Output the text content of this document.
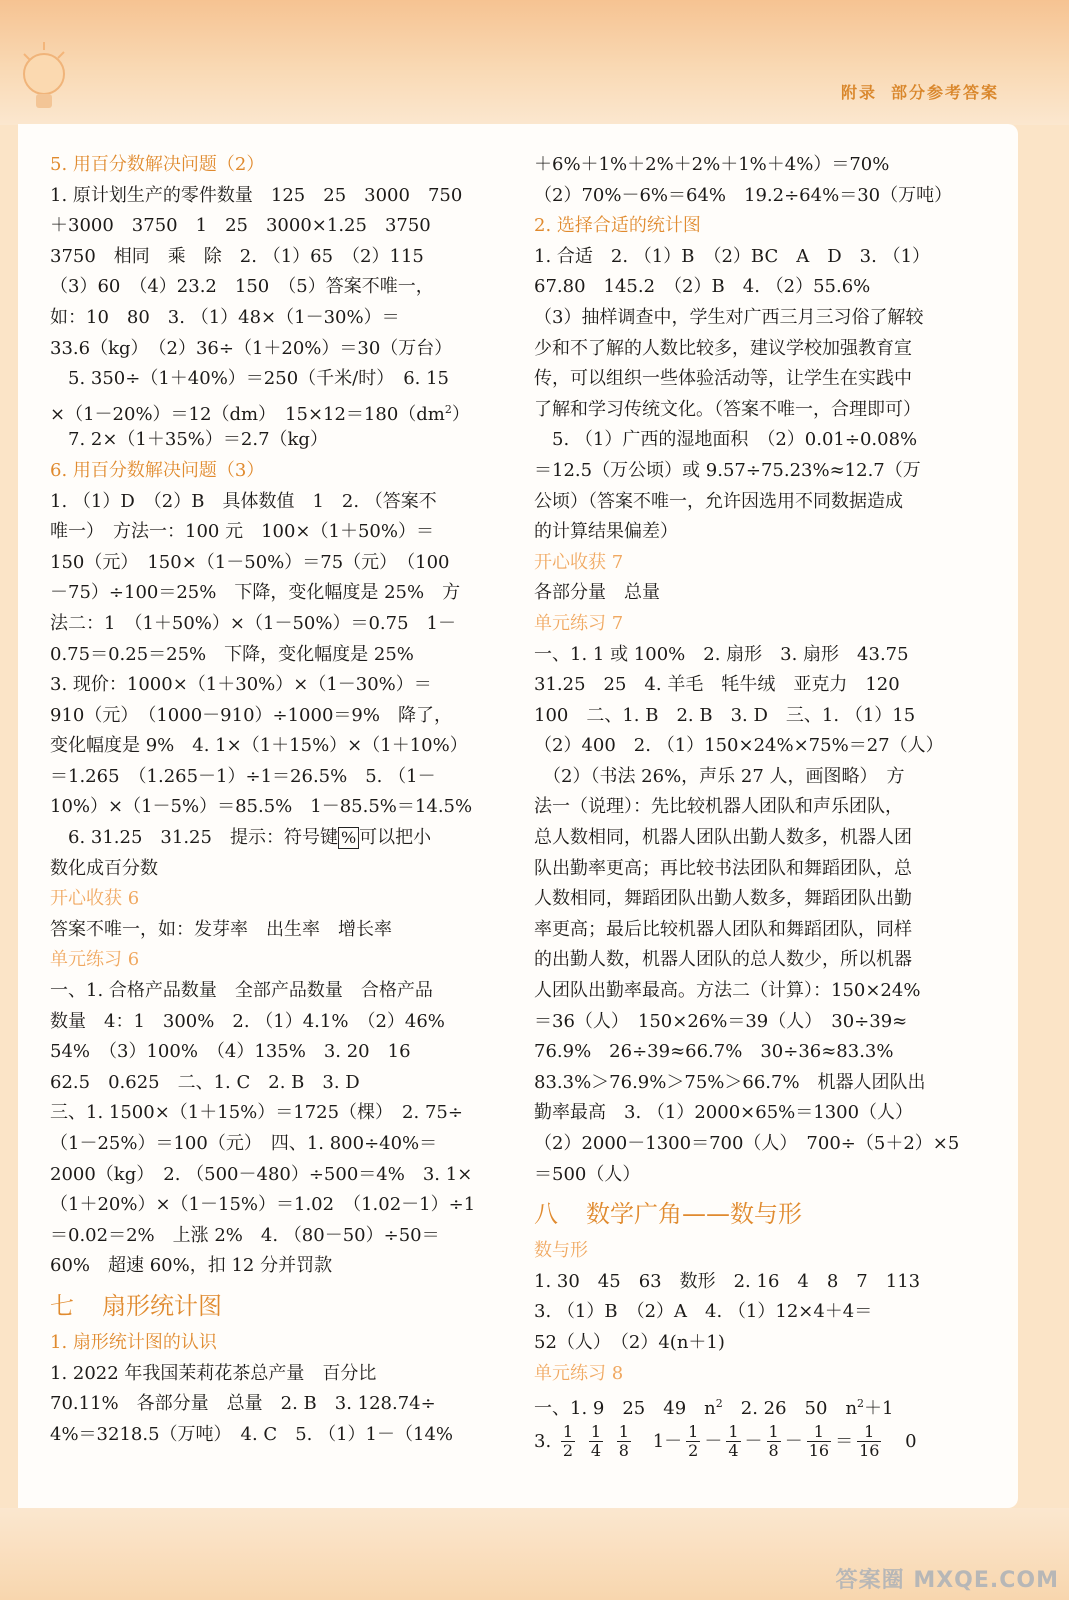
附录 部分参考答案
答案圈 MXQE.COM
5. 用百分数解决问题（2）
1. 原计划生产的零件数量　125　25　3000　750
＋3000　3750　1　25　3000×1.25　3750
3750　相同　乘　除　2. （1）65　（2）115
（3）60　（4）23.2　150　（5）答案不唯一，
如：10　80　3. （1）48×（1－30%）＝
33.6（kg）　（2）36÷（1＋20%）＝30（万台）
　5. 350÷（1＋40%）＝250（千米/时）　6. 15
×（1－20%）＝12（dm）　$15\times 12=180(dm^2)$
　7. 2×（1＋35%）＝2.7（kg）
6. 用百分数解决问题（3）
1. （1）D　（2）B　具体数值　1　2. （答案不
唯一）　方法一：100 元　100×（1＋50%）＝
150（元）　150×（1－50%）＝75（元）　（100
－75）÷100＝25%　下降，变化幅度是 25%　方
法二：1　（1＋50%）×（1－50%）＝0.75　1－
0.75＝0.25＝25%　下降，变化幅度是 25%
3. 现价：1000×（1＋30%）×（1－30%）＝
910（元）　（1000－910）÷1000＝9%　降了，
变化幅度是 9%　4. 1×（1＋15%）×（1＋10%）
＝1.265　（1.265－1）÷1＝26.5%　5. （1－
10%）×（1－5%）＝85.5%　1－85.5%＝14.5%
　6. 31.25　31.25　提示：符号键 % 可以把小
数化成百分数
开心收获 6
答案不唯一，如：发芽率　出生率　增长率
单元练习 6
一、1. 合格产品数量　全部产品数量　合格产品
数量　4：1　300%　2. （1）4.1%　（2）46%
54%　（3）100%　（4）135%　3. 20　16
62.5　0.625　二、1. C　2. B　3. D
三、1. 1500×（1＋15%）＝1725（棵）　2. 75÷
（1－25%）＝100（元）　四、1. 800÷40%＝
2000（kg）　2. （500－480）÷500＝4%　3. 1×
（1＋20%）×（1－15%）＝1.02　（1.02－1）÷1
＝0.02＝2%　上涨 2%　4. （80－50）÷50＝
60%　超速 60%，扣 12 分并罚款
七 扇形统计图
1. 扇形统计图的认识
1. 2022 年我国茉莉花茶总产量　百分比
70.11%　各部分量　总量　2. B　3. 128.74÷
4%＝3218.5（万吨）　4. C　5. （1）1－（14%
＋6%＋1%＋2%＋2%＋1%＋4%）＝70%
（2）70%－6%＝64%　19.2÷64%＝30（万吨）
2. 选择合适的统计图
1. 合适　2. （1）B　（2）BC　A　D　3. （1）
67.80　145.2　（2）B　4. （2）55.6%
（3）抽样调查中，学生对广西三月三习俗了解较
少和不了解的人数比较多，建议学校加强教育宣
传，可以组织一些体验活动等，让学生在实践中
了解和学习传统文化。（答案不唯一，合理即可）
　5. （1）广西的湿地面积　（2）0.01÷0.08%
＝12.5（万公顷）或 9.57÷75.23%≈12.7（万
公顷）（答案不唯一，允许因选用不同数据造成
的计算结果偏差）
开心收获 7
各部分量　总量
单元练习 7
一、1. 1 或 100%　2. 扇形　3. 扇形　43.75
31.25　25　4. 羊毛　牦牛绒　亚克力　120
100　二、1. B　2. B　3. D　三、1. （1）15
（2）400　2. （1）150×24%×75%＝27（人）
　（2）（书法 26%，声乐 27 人，画图略）　方
法一（说理）：先比较机器人团队和声乐团队，
总人数相同，机器人团队出勤人数多，机器人团
队出勤率更高；再比较书法团队和舞蹈团队，总
人数相同，舞蹈团队出勤人数多，舞蹈团队出勤
率更高；最后比较机器人团队和舞蹈团队，同样
的出勤人数，机器人团队的总人数少，所以机器
人团队出勤率最高。方法二（计算）：150×24%
＝36（人）　150×26%＝39（人）　30÷39≈
76.9%　26÷39≈66.7%　30÷36≈83.3%
83.3%＞76.9%＞75%＞66.7%　机器人团队出
勤率最高　3. （1）2000×65%＝1300（人）
（2）2000－1300＝700（人）　700÷（5＋2）×5
＝500（人）
八 数学广角——数与形
数与形
1. 30　45　63　数形　2. 16　4　8　7　113
3. （1）B　（2）A　4. （1）12×4＋4＝
52（人）　（2）4(n＋1)
单元练习 8
一、1. 9　25　49　$n^2$　2. 26　50　$n^2+1$
3. $\frac{1}{2}$
$\frac{1}{4}$
$\frac{1}{8} 1- \frac{1}{2} - \frac{1}{4} - \frac{1}{8} - \frac{1}{16} = \frac{1}{16} 0$
